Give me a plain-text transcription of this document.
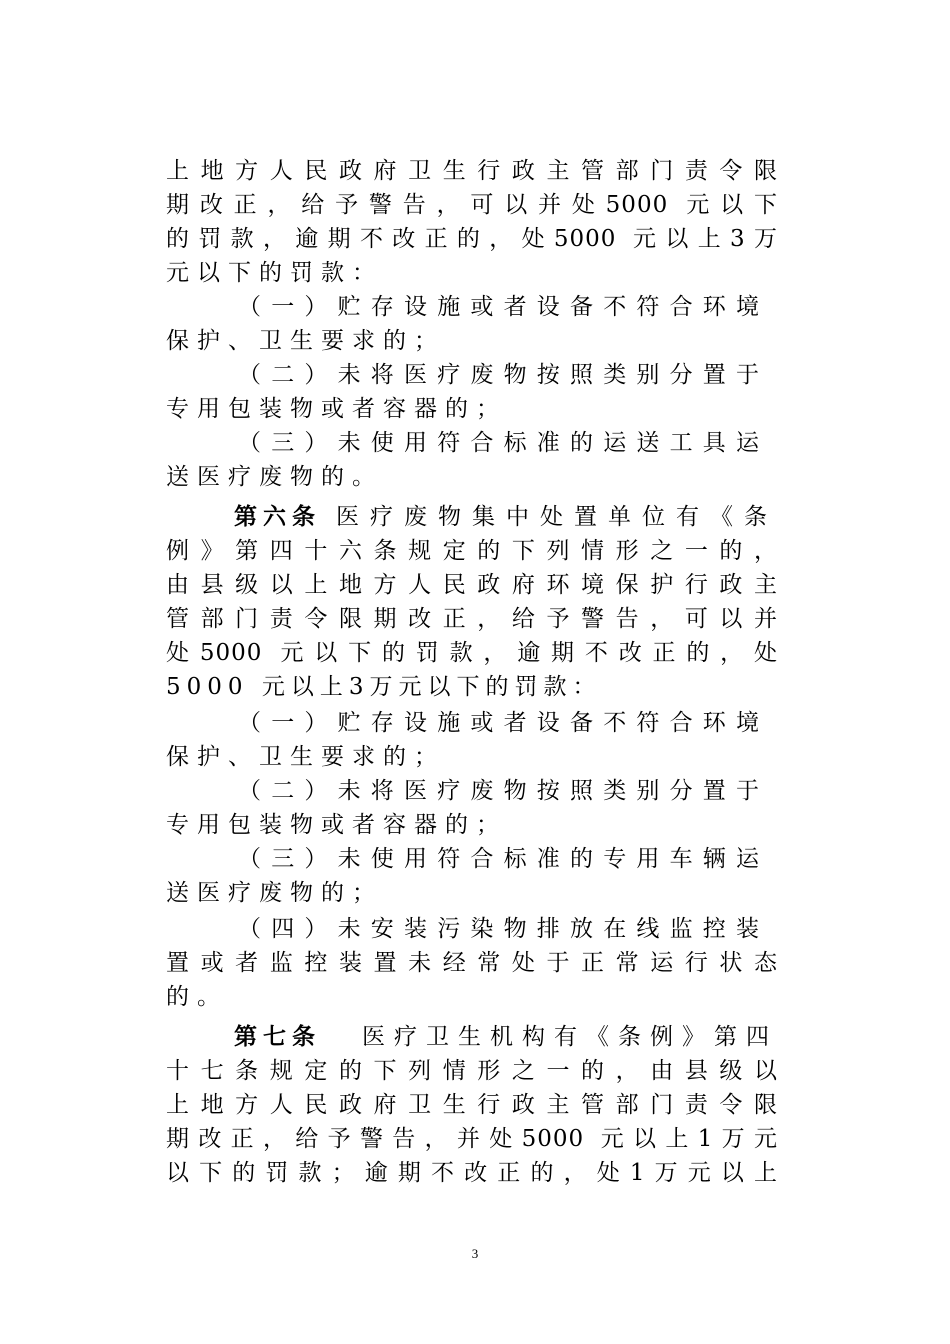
上地方人民政府卫生行政主管部门责令限
期改正，给予警告，可以并处5000 元以下
的罚款，逾期不改正的，处5000 元以上3万
元以下的罚款：
（一）贮存设施或者设备不符合环境
保护、卫生要求的；
（二）未将医疗废物按照类别分置于
专用包装物或者容器的；
（三）未使用符合标准的运送工具运
送医疗废物的。
第六条 医疗废物集中处置单位有《条
例》第四十六条规定的下列情形之一的，
由县级以上地方人民政府环境保护行政主
管部门责令限期改正，给予警告，可以并
处5000 元以下的罚款，逾期不改正的，处
5000 元以上3万元以下的罚款：
（一）贮存设施或者设备不符合环境
保护、卫生要求的；
（二）未将医疗废物按照类别分置于
专用包装物或者容器的；
（三）未使用符合标准的专用车辆运
送医疗废物的；
（四）未安装污染物排放在线监控装
置或者监控装置未经常处于正常运行状态
的。
第七条 医疗卫生机构有《条例》第四
十七条规定的下列情形之一的，由县级以
上地方人民政府卫生行政主管部门责令限
期改正，给予警告，并处5000 元以上1万元
以下的罚款；逾期不改正的，处1万元以上
3
